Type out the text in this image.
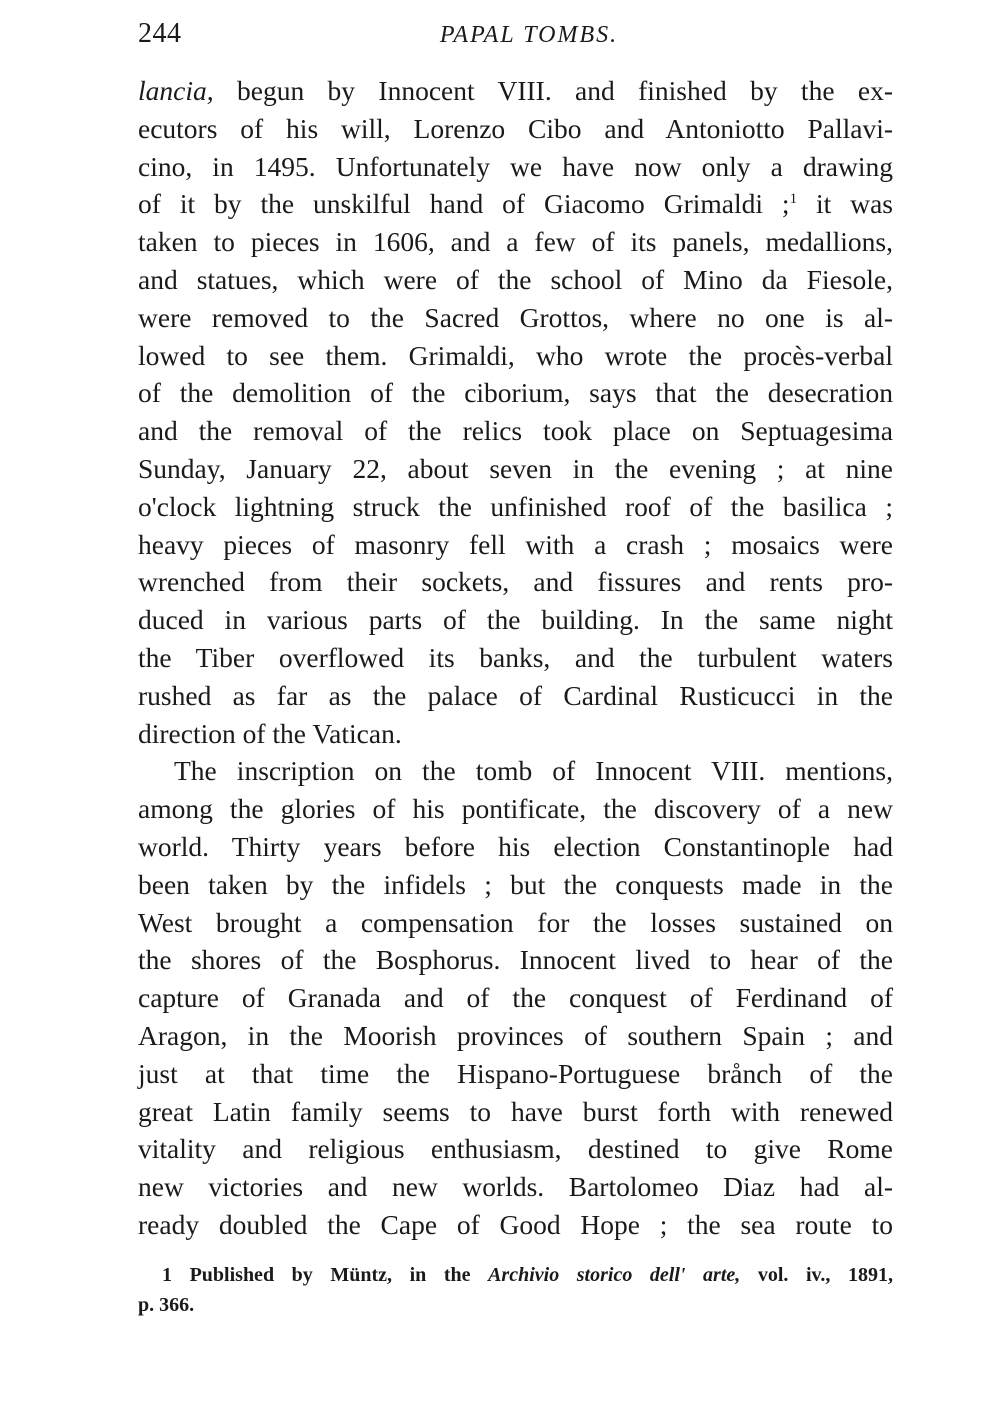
244	PAPAL TOMBS.
lancia, begun by Innocent VIII. and finished by the ex-
ecutors of his will, Lorenzo Cibo and Antoniotto Pallavi-
cino, in 1495. Unfortunately we have now only a drawing
of it by the unskilful hand of Giacomo Grimaldi ;$^1$ it was
taken to pieces in 1606, and a few of its panels, medallions,
and statues, which were of the school of Mino da Fiesole,
were removed to the Sacred Grottos, where no one is al-
lowed to see them. Grimaldi, who wrote the procès-verbal
of the demolition of the ciborium, says that the desecration
and the removal of the relics took place on Septuagesima
Sunday, January 22, about seven in the evening ; at nine
o'clock lightning struck the unfinished roof of the basilica ;
heavy pieces of masonry fell with a crash ; mosaics were
wrenched from their sockets, and fissures and rents pro-
duced in various parts of the building. In the same night
the Tiber overflowed its banks, and the turbulent waters
rushed as far as the palace of Cardinal Rusticucci in the
direction of the Vatican.
The inscription on the tomb of Innocent VIII. mentions,
among the glories of his pontificate, the discovery of a new
world. Thirty years before his election Constantinople had
been taken by the infidels ; but the conquests made in the
West brought a compensation for the losses sustained on
the shores of the Bosphorus. Innocent lived to hear of the
capture of Granada and of the conquest of Ferdinand of
Aragon, in the Moorish provinces of southern Spain ; and
just at that time the Hispano-Portuguese brånch of the
great Latin family seems to have burst forth with renewed
vitality and religious enthusiasm, destined to give Rome
new victories and new worlds. Bartolomeo Diaz had al-
ready doubled the Cape of Good Hope ; the sea route to
1 Published by Müntz, in the Archivio storico dell' arte, vol. iv., 1891,
p. 366.
